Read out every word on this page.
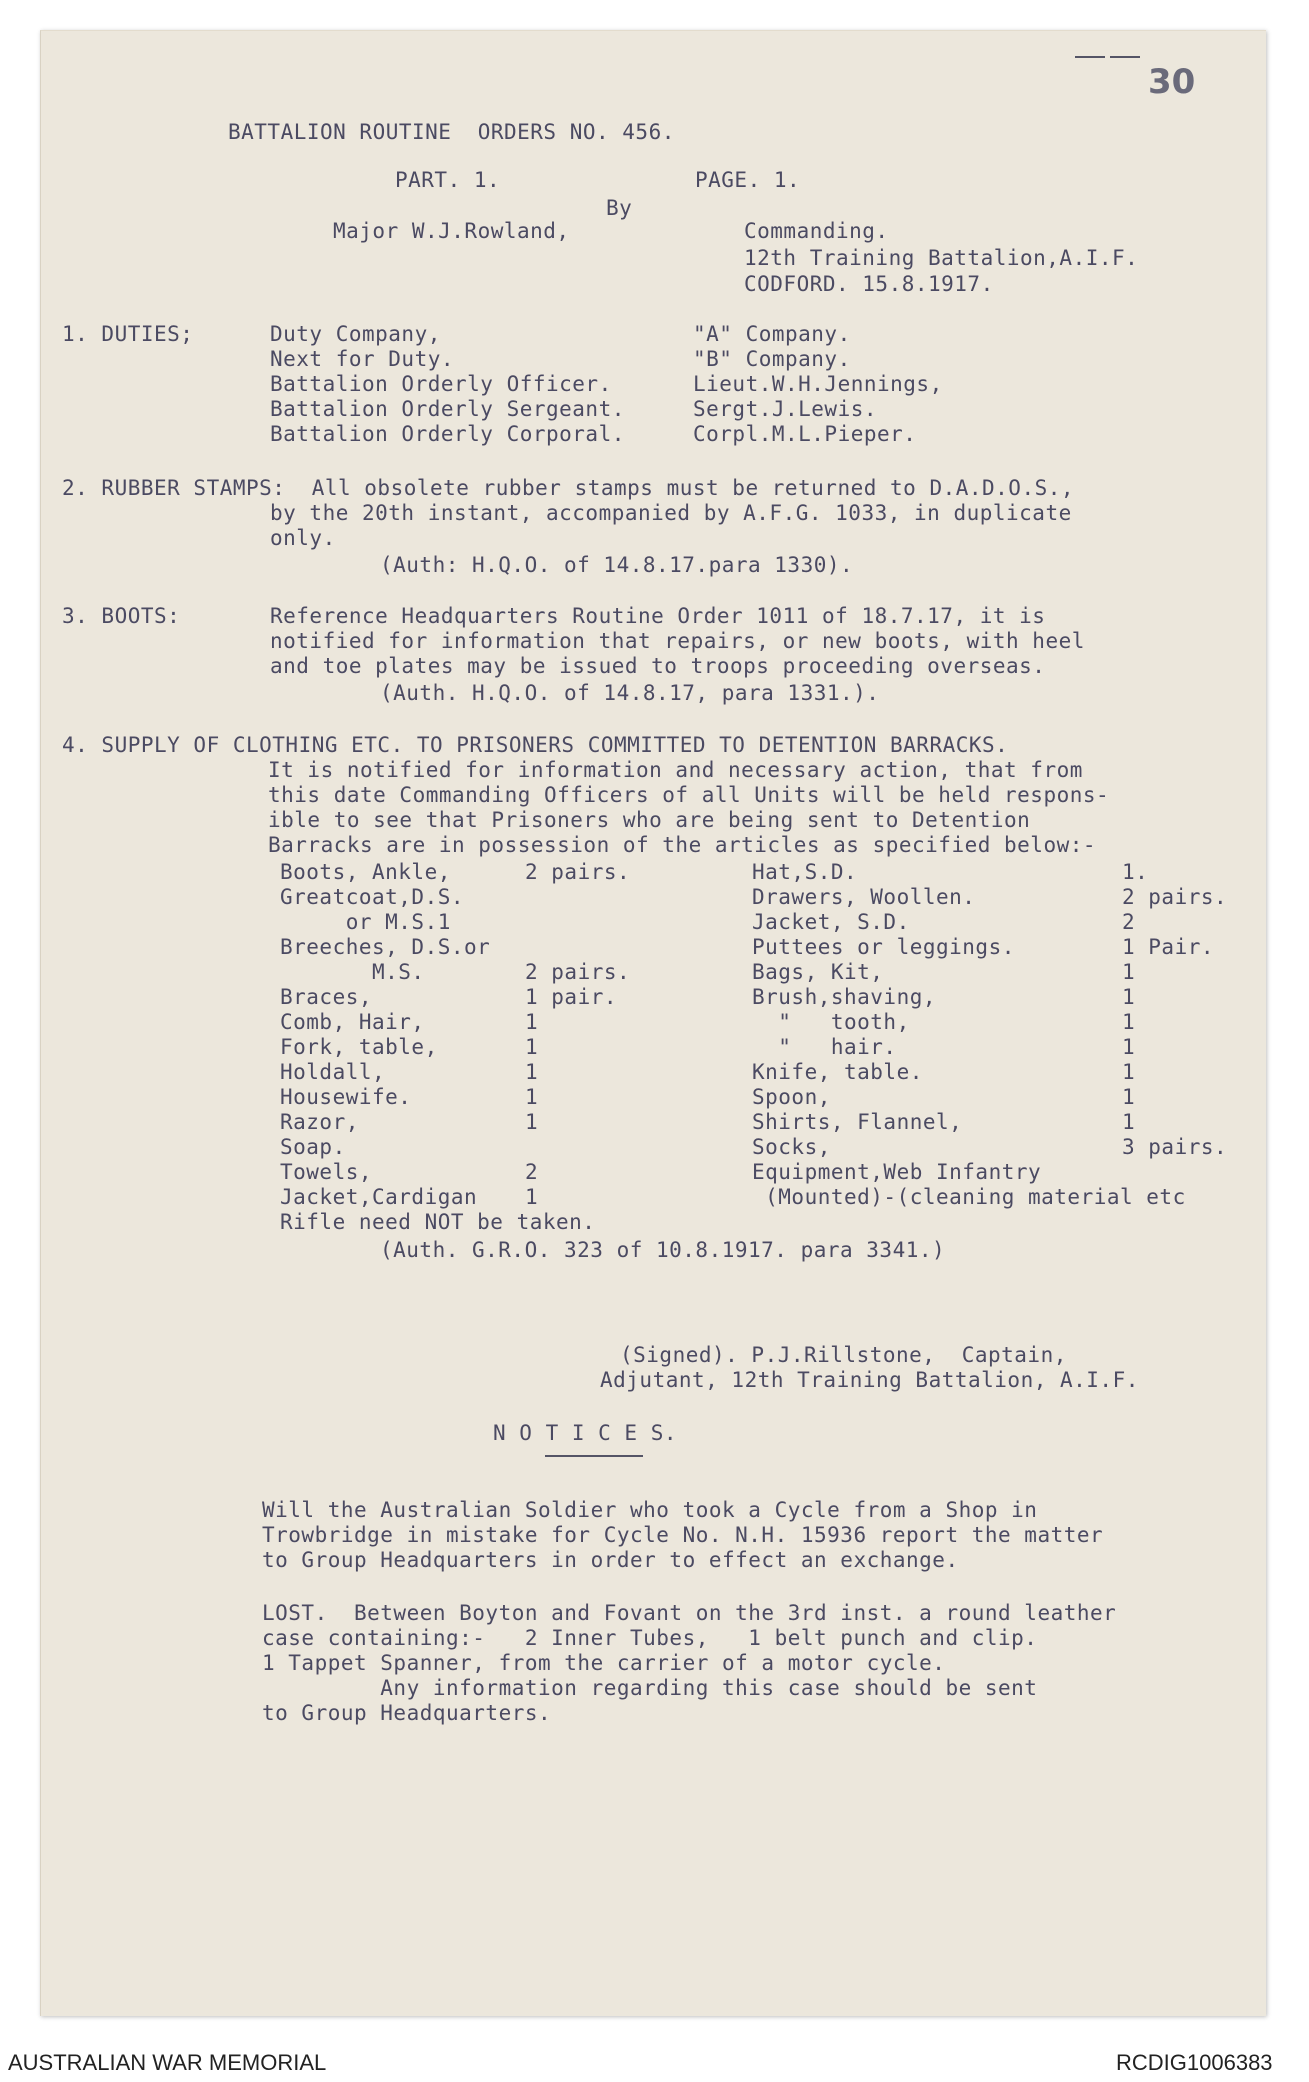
30
BATTALION ROUTINE  ORDERS NO. 456.
PART. 1.	PAGE. 1.
By
Major W.J.Rowland,	Commanding.
12th Training Battalion,A.I.F.
CODFORD. 15.8.1917.
1. DUTIES;	Duty Company,	"A" Company.
Next for Duty.	"B" Company.
Battalion Orderly Officer.	Lieut.W.H.Jennings,
Battalion Orderly Sergeant.	Sergt.J.Lewis.
Battalion Orderly Corporal.	Corpl.M.L.Pieper.
2. RUBBER STAMPS:  All obsolete rubber stamps must be returned to D.A.D.O.S.,
by the 20th instant, accompanied by A.F.G. 1033, in duplicate
only.
(Auth: H.Q.O. of 14.8.17.para 1330).
3. BOOTS:	Reference Headquarters Routine Order 1011 of 18.7.17, it is
notified for information that repairs, or new boots, with heel
and toe plates may be issued to troops proceeding overseas.
(Auth. H.Q.O. of 14.8.17, para 1331.).
4. SUPPLY OF CLOTHING ETC. TO PRISONERS COMMITTED TO DETENTION BARRACKS.
It is notified for information and necessary action, that from
this date Commanding Officers of all Units will be held respons-
ible to see that Prisoners who are being sent to Detention
Barracks are in possession of the articles as specified below:-
Boots, Ankle,	2 pairs.
Greatcoat,D.S.
or M.S.1
Breeches, D.S.or
M.S.	2 pairs.
Braces,	1 pair.
Comb, Hair,	1
Fork, table,	1
Holdall,	1
Housewife.	1
Razor,	1
Soap.
Towels,	2
Jacket,Cardigan 1
Hat,S.D.	1.
Drawers, Woollen.	2 pairs.
Jacket, S.D.	2
Puttees or leggings.	1 Pair.
Bags, Kit,	1
Brush,shaving,	1
"   tooth,	1
"   hair.	1
Knife, table.	1
Spoon,	1
Shirts, Flannel,	1
Socks,	3 pairs.
Equipment,Web Infantry
(Mounted)-(cleaning material etc
Rifle need NOT be taken.
(Auth. G.R.O. 323 of 10.8.1917. para 3341.)
(Signed). P.J.Rillstone,  Captain,
Adjutant, 12th Training Battalion, A.I.F.
N O T I C E S.
Will the Australian Soldier who took a Cycle from a Shop in
Trowbridge in mistake for Cycle No. N.H. 15936 report the matter
to Group Headquarters in order to effect an exchange.
LOST.  Between Boyton and Fovant on the 3rd inst. a round leather
case containing:-   2 Inner Tubes,   1 belt punch and clip.
1 Tappet Spanner, from the carrier of a motor cycle.
Any information regarding this case should be sent
to Group Headquarters.
AUSTRALIAN WAR MEMORIAL	RCDIG1006383
